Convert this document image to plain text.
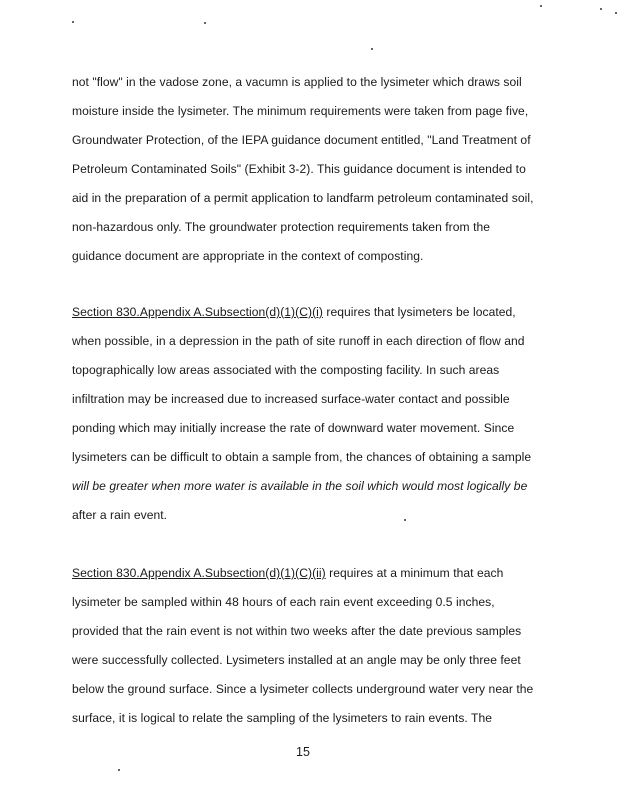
not "flow" in the vadose zone, a vacumn is applied to the lysimeter which draws soil
moisture inside the lysimeter. The minimum requirements were taken from page five,
Groundwater Protection, of the IEPA guidance document entitled, "Land Treatment of
Petroleum Contaminated Soils" (Exhibit 3-2). This guidance document is intended to
aid in the preparation of a permit application to landfarm petroleum contaminated soil,
non-hazardous only. The groundwater protection requirements taken from the
guidance document are appropriate in the context of composting.
Section 830.Appendix A.Subsection(d)(1)(C)(i) requires that lysimeters be located,
when possible, in a depression in the path of site runoff in each direction of flow and
topographically low areas associated with the composting facility. In such areas
infiltration may be increased due to increased surface-water contact and possible
ponding which may initially increase the rate of downward water movement. Since
lysimeters can be difficult to obtain a sample from, the chances of obtaining a sample
will be greater when more water is available in the soil which would most logically be
after a rain event.
Section 830.Appendix A.Subsection(d)(1)(C)(ii) requires at a minimum that each
lysimeter be sampled within 48 hours of each rain event exceeding 0.5 inches,
provided that the rain event is not within two weeks after the date previous samples
were successfully collected. Lysimeters installed at an angle may be only three feet
below the ground surface. Since a lysimeter collects underground water very near the
surface, it is logical to relate the sampling of the lysimeters to rain events. The

15
